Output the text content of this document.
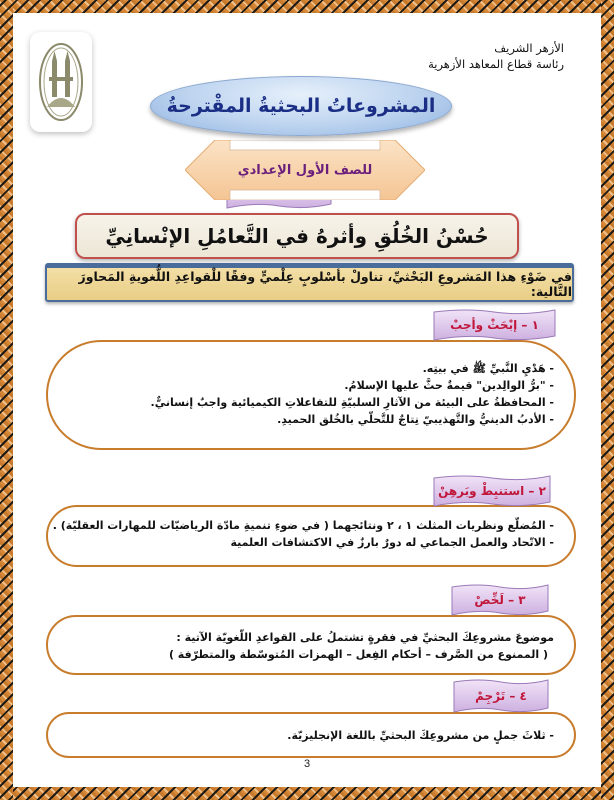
الأزهر الشريف
رئاسة قطاع المعاهد الأزهرية
المشروعاتُ البحثيةُ المقْترحةُ
للصف الأول الإعدادي
حُسْنُ الخُلُقِ وأثرهُ في التَّعامُلِ الإنْسانِيِّ
في ضَوْءِ هذا المَشروعِ البَحْثيِّ، تناولْ بأسْلوبٍ عِلْميٍّ وفقًا للْقواعِدِ اللُّغويةِ المَحاورَ التَّالية:
- هَدْيِ النَّبيِّ ﷺ في بيتِه.
- "برُّ الوالِدين" قيمةٌ حثَّ عليها الإسلامُ.
- المحافظةُ على البيئة من الآثارِ السلبيّةِ للتفاعلاتِ الكيميائية واجبٌ إنسانيٌّ.
- الأدبُ الدينيُّ والتَّهذيبيّ نِتاجٌ للتَّحلّي بالخُلق الحميدِ.
١ – إبْحَثْ وأجبْ
- المُضلّع ونظريات المثلث ١ ، ٢ ونتائجهما ( في ضوءِ تنميةِ مادّة الرياضيّات للمهارات العقليّة) .
- الاتّحاد والعمل الجماعي له دورٌ بارزٌ في الاكتشافات العلمية
٢ – استنبِطْ وبَرهِنْ

موضوعَ مشروعِكَ البحثيِّ في فقرةٍ تشتملُ على القواعدِ اللّغويّة الآتية :

( الممنوع من الصَّرف – أحكام الفِعل – الهمزات المُتوسّطة والمتطرّفة )

٣ – لَخِّصْ

- ثلاثَ جملٍ من مشروعِكَ البحثيِّ باللغة الإنجليزيّة.

٤ – تَرْجِمْ
3
